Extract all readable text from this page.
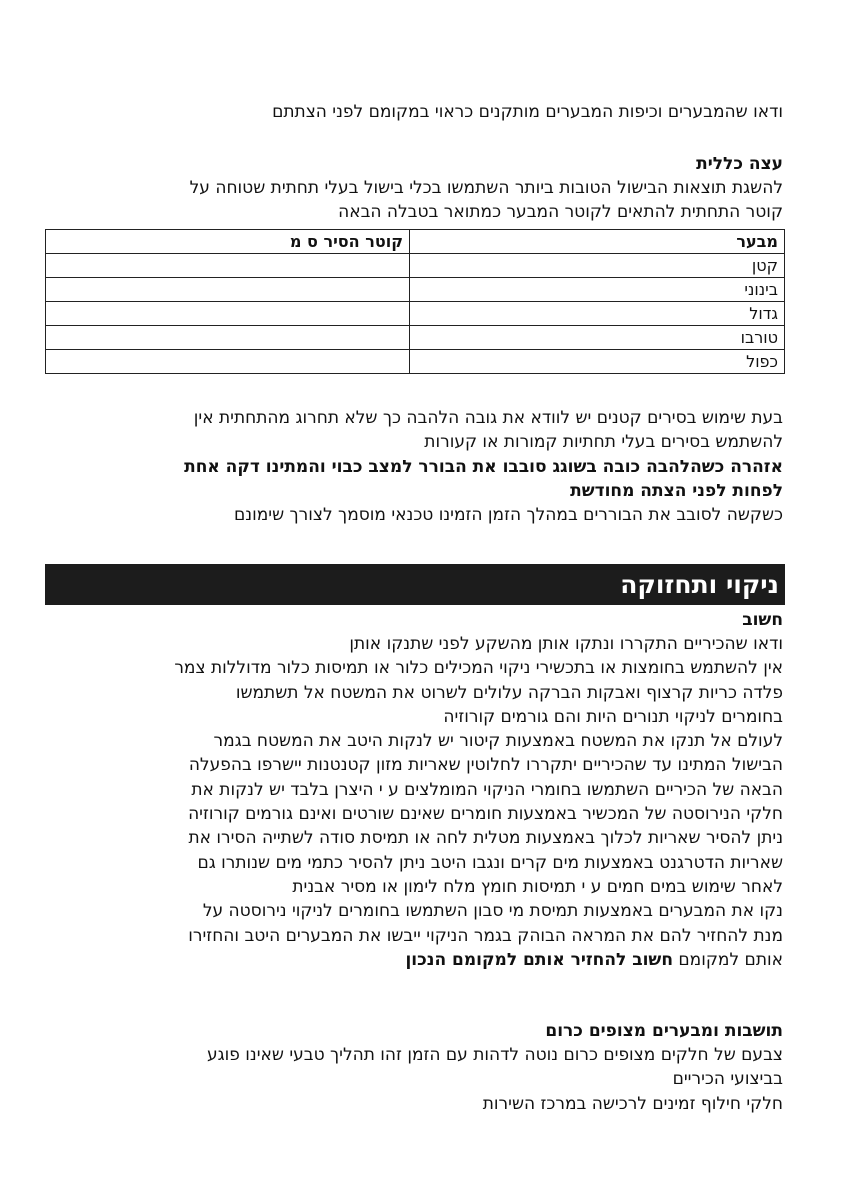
ודאו שהמבערים וכיפות המבערים מותקנים כראוי במקומם לפני הצתתם
עצה כללית
להשגת תוצאות הבישול הטובות ביותר השתמשו בכלי בישול בעלי תחתית שטוחה על
קוטר התחתית להתאים לקוטר המבער כמתואר בטבלה הבאה
מבער	קוטר הסיר ס מ
קטן	
בינוני	
גדול	
טורבו	
כפול	
בעת שימוש בסירים קטנים יש לוודא את גובה הלהבה כך שלא תחרוג מהתחתית אין
להשתמש בסירים בעלי תחתיות קמורות או קעורות
אזהרה כשהלהבה כובה בשוגג סובבו את הבורר למצב כבוי והמתינו דקה אחת
לפחות לפני הצתה מחודשת
כשקשה לסובב את הבוררים במהלך הזמן הזמינו טכנאי מוסמך לצורך שימונם
ניקוי ותחזוקה
חשוב
ודאו שהכיריים התקררו ונתקו אותן מהשקע לפני שתנקו אותן
אין להשתמש בחומצות או בתכשירי ניקוי המכילים כלור או תמיסות כלור מדוללות צמר
פלדה כריות קרצוף ואבקות הברקה עלולים לשרוט את המשטח אל תשתמשו
בחומרים לניקוי תנורים היות והם גורמים קורוזיה
לעולם אל תנקו את המשטח באמצעות קיטור יש לנקות היטב את המשטח בגמר
הבישול המתינו עד שהכיריים יתקררו לחלוטין שאריות מזון קטנטנות יישרפו בהפעלה
הבאה של הכיריים השתמשו בחומרי הניקוי המומלצים ע י היצרן בלבד יש לנקות את
חלקי הנירוסטה של המכשיר באמצעות חומרים שאינם שורטים ואינם גורמים קורוזיה
ניתן להסיר שאריות לכלוך באמצעות מטלית לחה או תמיסת סודה לשתייה הסירו את
שאריות הדטרגנט באמצעות מים קרים ונגבו היטב ניתן להסיר כתמי מים שנותרו גם
לאחר שימוש במים חמים ע י תמיסות חומץ מלח לימון או מסיר אבנית
נקו את המבערים באמצעות תמיסת מי סבון השתמשו בחומרים לניקוי נירוסטה על
מנת להחזיר להם את המראה הבוהק בגמר הניקוי ייבשו את המבערים היטב והחזירו
אותם למקומם חשוב להחזיר אותם למקומם הנכון
תושבות ומבערים מצופים כרום
צבעם של חלקים מצופים כרום נוטה לדהות עם הזמן זהו תהליך טבעי שאינו פוגע
בביצועי הכיריים
חלקי חילוף זמינים לרכישה במרכז השירות
